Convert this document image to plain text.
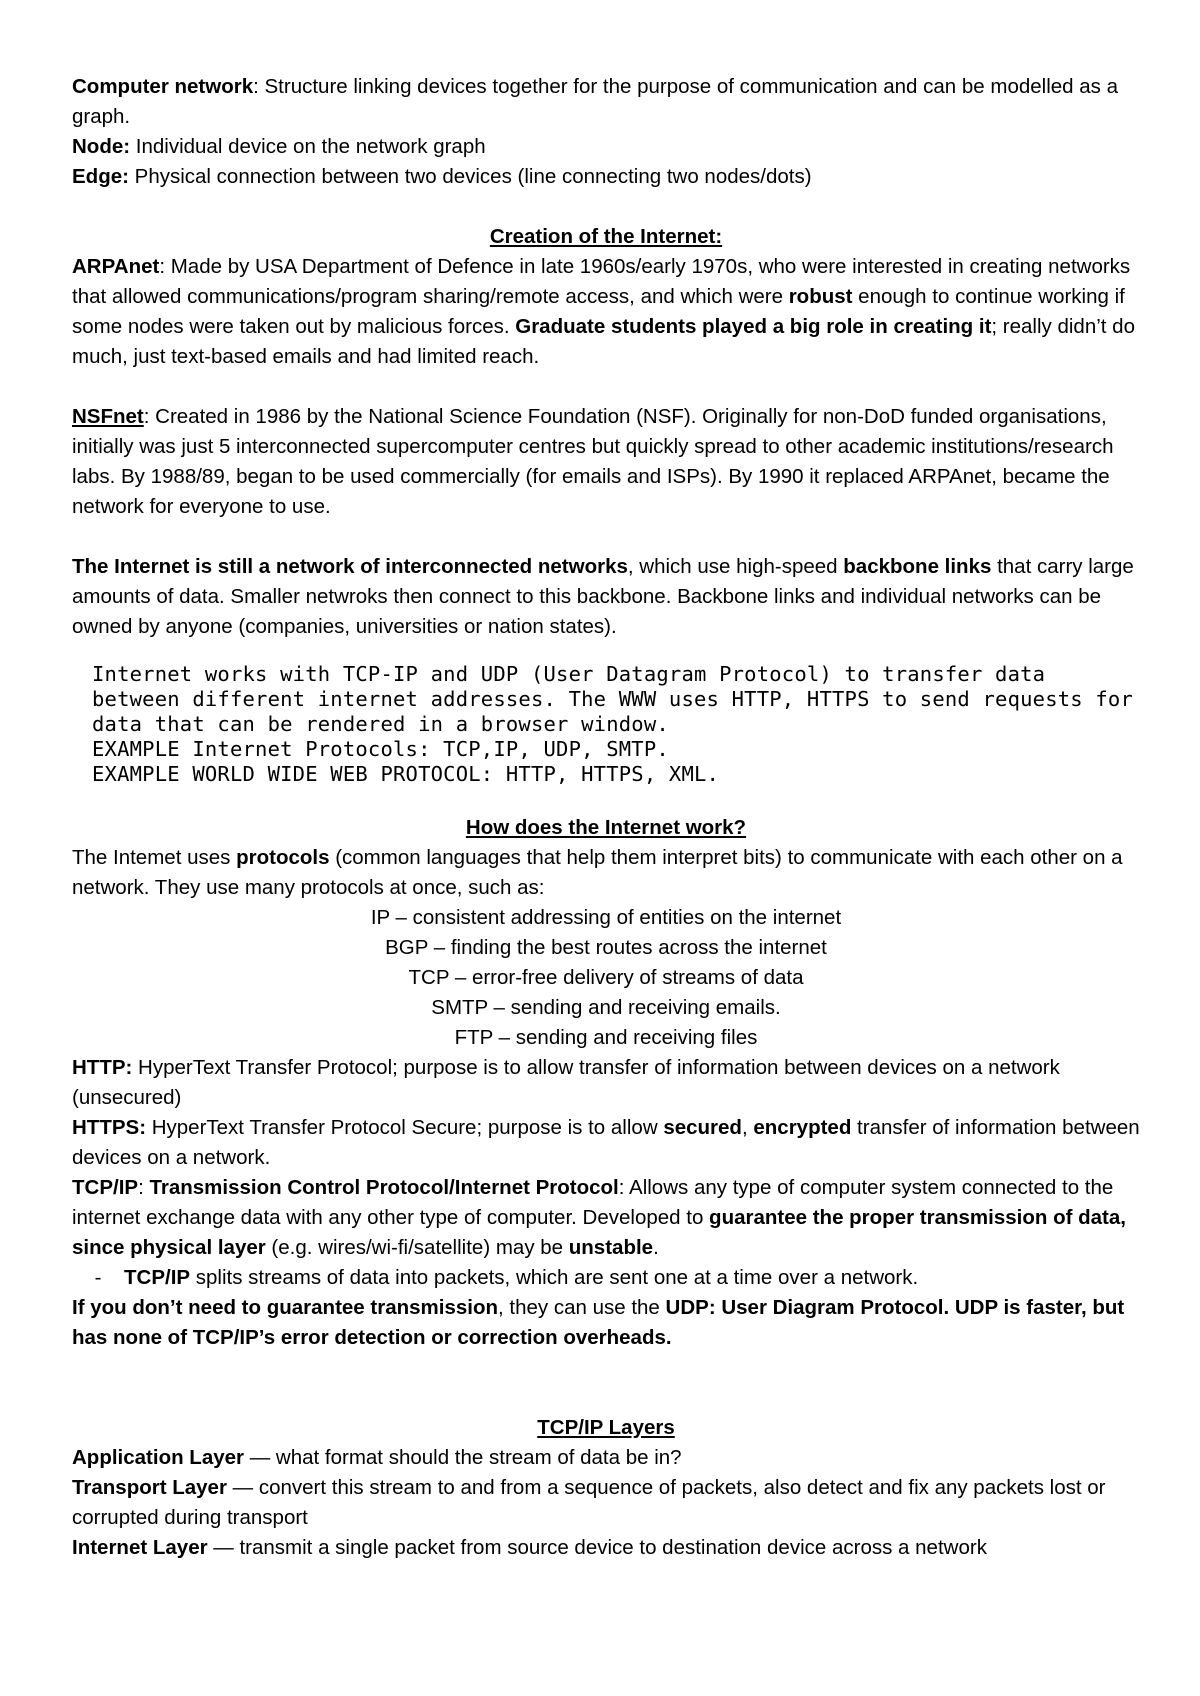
Computer network: Structure linking devices together for the purpose of communication and can be modelled as a graph.

Node: Individual device on the network graph

Edge: Physical connection between two devices (line connecting two nodes/dots)

Creation of the Internet:

ARPAnet: Made by USA Department of Defence in late 1960s/early 1970s, who were interested in creating networks that allowed communications/program sharing/remote access, and which were robust enough to continue working if some nodes were taken out by malicious forces. Graduate students played a big role in creating it; really didn’t do much, just text-based emails and had limited reach.

NSFnet: Created in 1986 by the National Science Foundation (NSF). Originally for non-DoD funded organisations, initially was just 5 interconnected supercomputer centres but quickly spread to other academic institutions/research labs. By 1988/89, began to be used commercially (for emails and ISPs). By 1990 it replaced ARPAnet, became the network for everyone to use.

The Internet is still a network of interconnected networks, which use high-speed backbone links that carry large amounts of data. Smaller netwroks then connect to this backbone. Backbone links and individual networks can be owned by anyone (companies, universities or nation states).

Internet works with TCP-IP and UDP (User Datagram Protocol) to transfer data between different internet addresses. The WWW uses HTTP, HTTPS to send requests for data that can be rendered in a browser window.

EXAMPLE Internet Protocols: TCP,IP, UDP, SMTP.

EXAMPLE WORLD WIDE WEB PROTOCOL: HTTP, HTTPS, XML.

How does the Internet work?

The Intemet uses protocols (common languages that help them interpret bits) to communicate with each other on a network. They use many protocols at once, such as:

IP – consistent addressing of entities on the internet

BGP – finding the best routes across the internet

TCP – error-free delivery of streams of data

SMTP – sending and receiving emails.

FTP – sending and receiving files

HTTP: HyperText Transfer Protocol; purpose is to allow transfer of information between devices on a network (unsecured)

HTTPS: HyperText Transfer Protocol Secure; purpose is to allow secured, encrypted transfer of information between devices on a network.

TCP/IP: Transmission Control Protocol/Internet Protocol: Allows any type of computer system connected to the internet exchange data with any other type of computer. Developed to guarantee the proper transmission of data, since physical layer (e.g. wires/wi-fi/satellite) may be unstable.

-	TCP/IP splits streams of data into packets, which are sent one at a time over a network.

If you don’t need to guarantee transmission, they can use the UDP: User Diagram Protocol. UDP is faster, but has none of TCP/IP’s error detection or correction overheads.

TCP/IP Layers

Application Layer — what format should the stream of data be in?

Transport Layer — convert this stream to and from a sequence of packets, also detect and fix any packets lost or corrupted during transport

Internet Layer — transmit a single packet from source device to destination device across a network
